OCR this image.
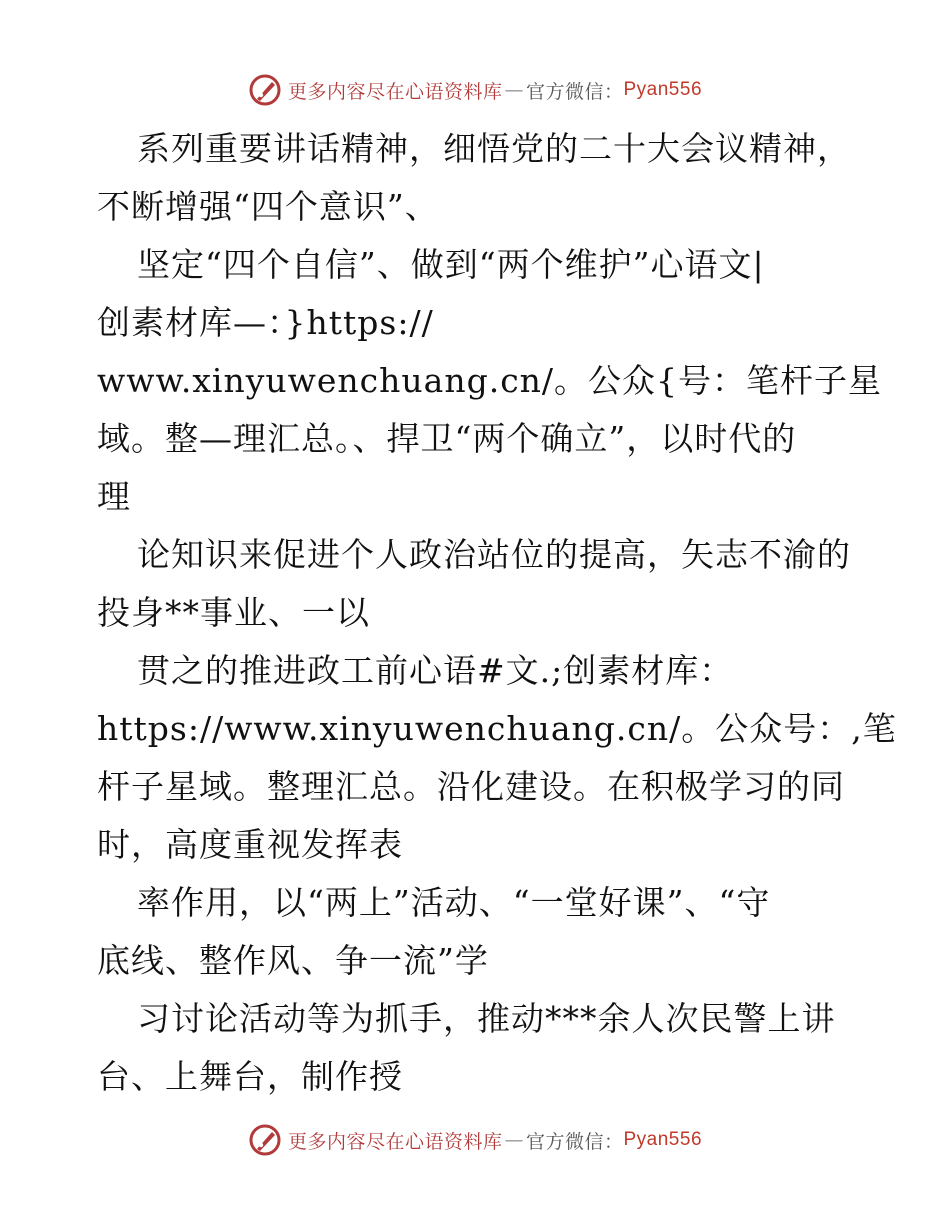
更多内容尽在心语资料库 — 官方微信： Pyan556
系列重要讲话精神，细悟党的二十大会议精神，
不断增强“四个意识”、
坚定“四个自信”、做到“两个维护”心语文|
创素材库—：}https://
www.xinyuwenchuang.cn/。公众{号：笔杆子星
域。整—理汇总。、捍卫“两个确立”，以时代的
理
论知识来促进个人政治站位的提高，矢志不渝的
投身**事业、一以
贯之的推进政工前心语#文.;创素材库：
https://www.xinyuwenchuang.cn/。公众号：,笔
杆子星域。整理汇总。沿化建设。在积极学习的同
时，高度重视发挥表
率作用，以“两上”活动、“一堂好课”、“守
底线、整作风、争一流”学
习讨论活动等为抓手，推动***余人次民警上讲
台、上舞台，制作授
更多内容尽在心语资料库 — 官方微信： Pyan556
